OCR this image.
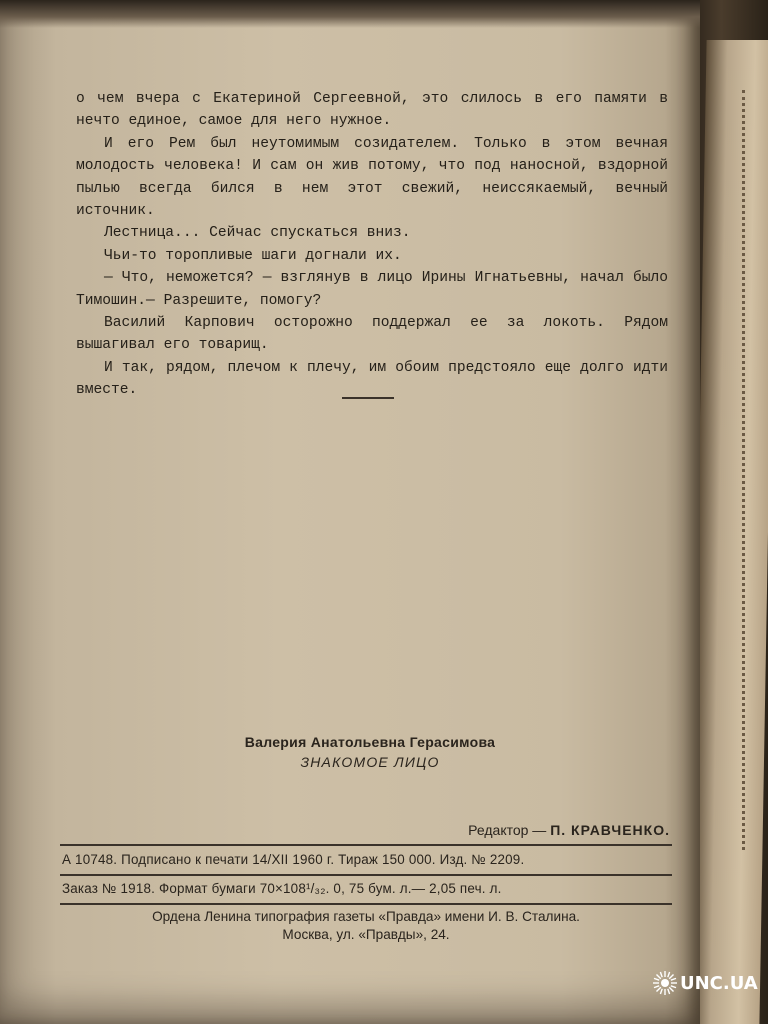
о чем вчера с Екатериной Сергеевной, это слилось в его памяти в нечто единое, самое для него нужное.

И его Рем был неутомимым созидателем. Только в этом вечная молодость человека! И сам он жив потому, что под наносной, вздорной пылью всегда бился в нем этот свежий, неиссякаемый, вечный источник.

Лестница... Сейчас спускаться вниз.

Чьи-то торопливые шаги догнали их.

— Что, неможется? — взглянув в лицо Ирины Игнатьевны, начал было Тимошин.— Разрешите, помогу?

Василий Карпович осторожно поддержал ее за локоть. Рядом вышагивал его товарищ.

И так, рядом, плечом к плечу, им обоим предстояло еще долго идти вместе.

Валерия Анатольевна Герасимова
ЗНАКОМОЕ ЛИЦО
Редактор — П. КРАВЧЕНКО.
А 10748. Подписано к печати 14/XII 1960 г. Тираж 150 000. Изд. № 2209.
Заказ № 1918. Формат бумаги 70×108¹/₃₂. 0, 75 бум. л.— 2,05 печ. л.
Ордена Ленина типография газеты «Правда» имени И. В. Сталина.
Москва, ул. «Правды», 24.
UNC.UA
